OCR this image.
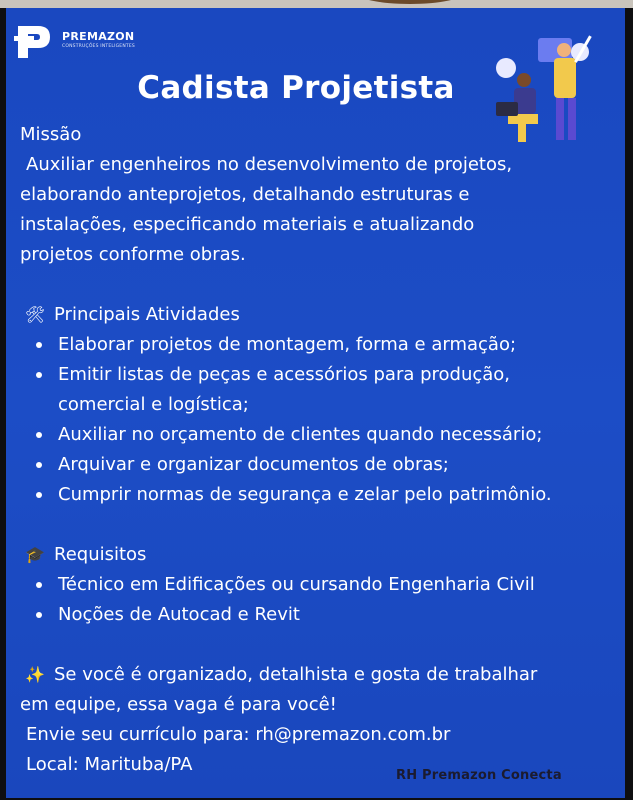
PREMAZON
CONSTRUÇÕES INTELIGENTES
Cadista Projetista

Missão

Auxiliar engenheiros no desenvolvimento de projetos,

elaborando anteprojetos, detalhando estruturas e

instalações, especificando materiais e atualizando

projetos conforme obras.

🛠 Principais Atividades
Elaborar projetos de montagem, forma e armação;
Emitir listas de peças e acessórios para produção,
comercial e logística;
Auxiliar no orçamento de clientes quando necessário;
Arquivar e organizar documentos de obras;
Cumprir normas de segurança e zelar pelo patrimônio.
🎓 Requisitos
Técnico em Edificações ou cursando Engenharia Civil
Noções de Autocad e Revit
✨ Se você é organizado, detalhista e gosta de trabalhar

em equipe, essa vaga é para você!

Envie seu currículo para: rh@premazon.com.br

Local: Marituba/PA

RH Premazon Conecta
